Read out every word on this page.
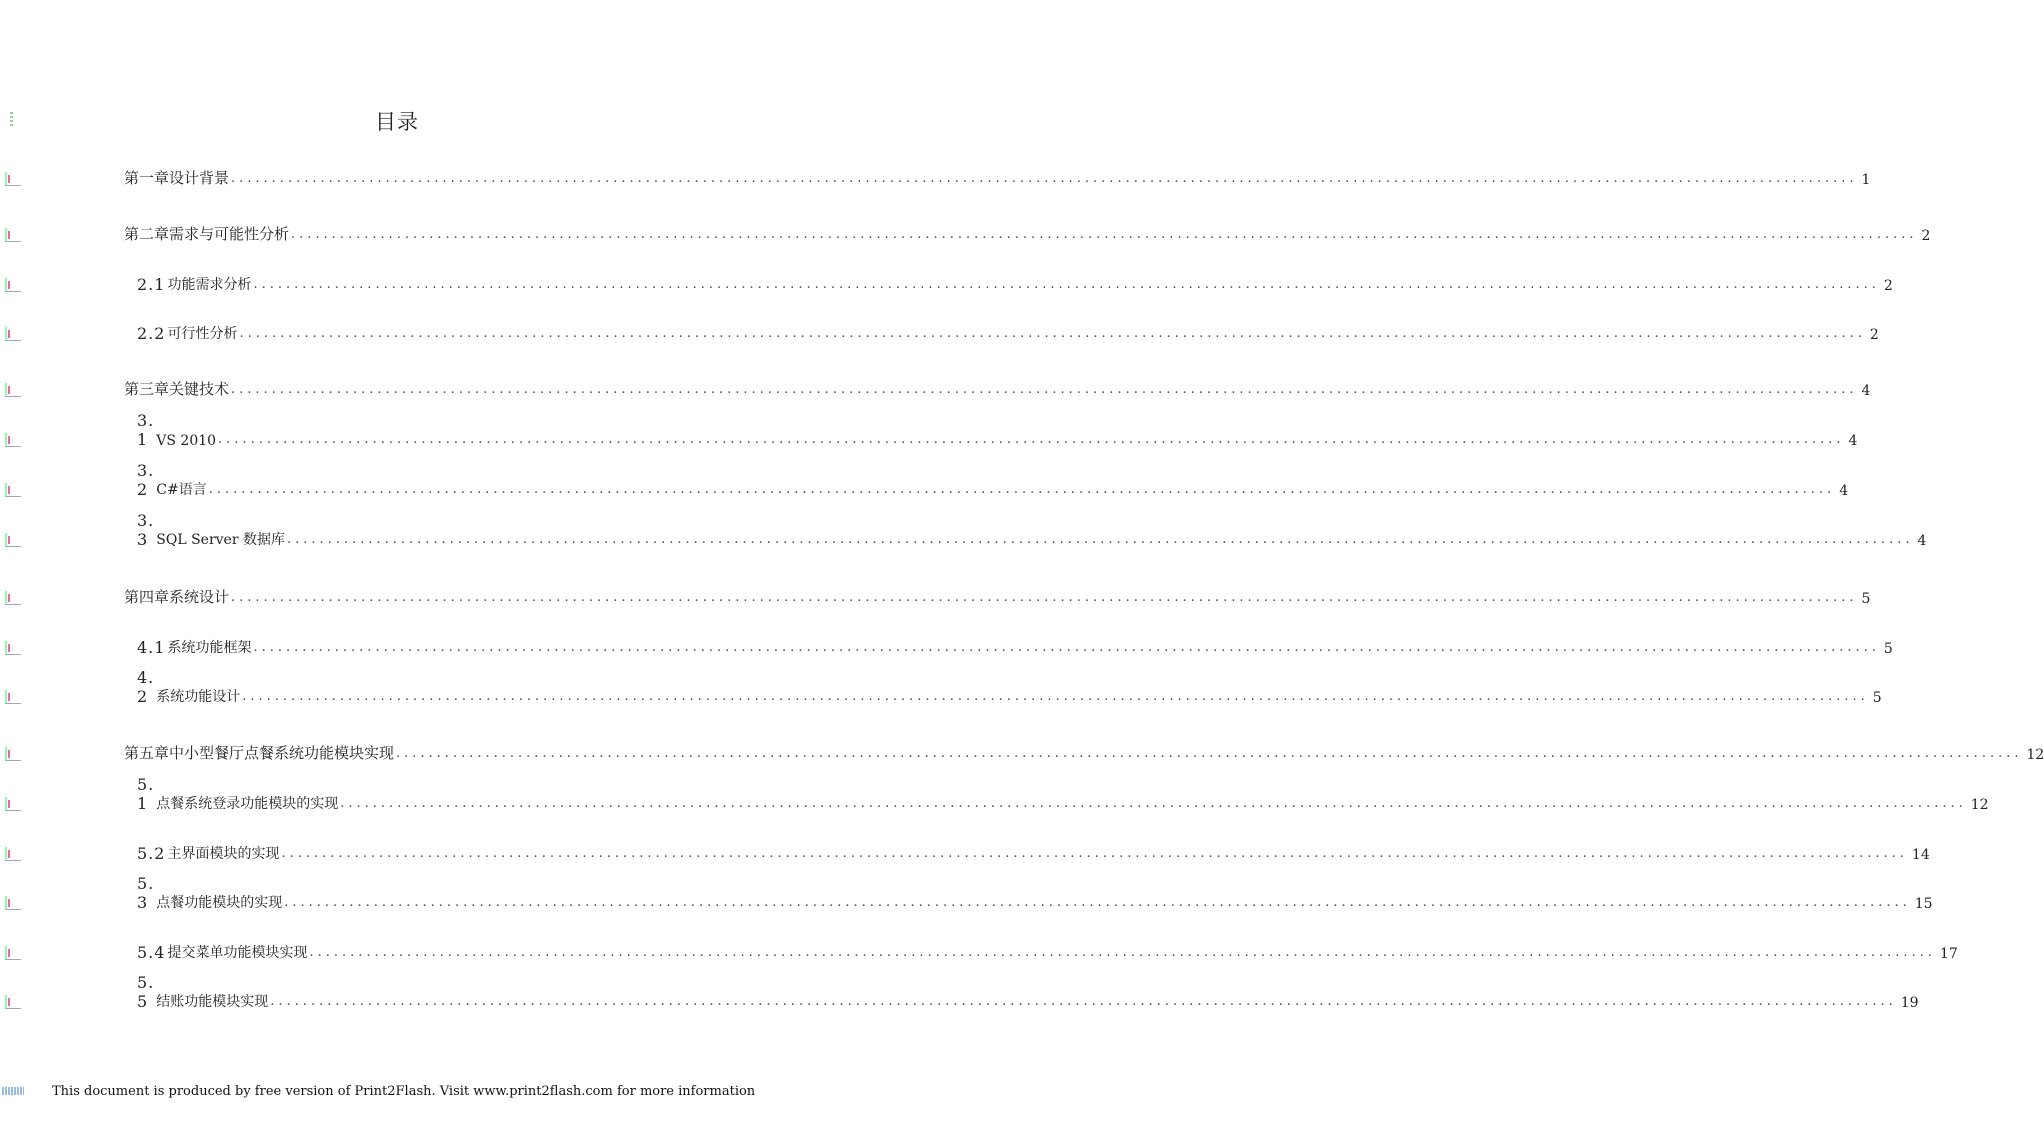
目录
第一章设计背景 ........................................................................................................................................................................................................ 1
第二章需求与可能性分析 ........................................................................................................................................................................................................ 2
2.1 功能需求分析 ........................................................................................................................................................................................................ 2
2.2 可行性分析 ........................................................................................................................................................................................................ 2
第三章关键技术 ........................................................................................................................................................................................................ 4
3. 1 VS 2010 ........................................................................................................................................................................................................ 4
3. 2 C#语言 ........................................................................................................................................................................................................ 4
3. 3 SQL Server 数据库 ........................................................................................................................................................................................................ 4
第四章系统设计 ........................................................................................................................................................................................................ 5
4.1 系统功能框架 ........................................................................................................................................................................................................ 5
4. 2 系统功能设计 ........................................................................................................................................................................................................ 5
第五章中小型餐厅点餐系统功能模块实现 ........................................................................................................................................................................................................ 12
5. 1 点餐系统登录功能模块的实现 ........................................................................................................................................................................................................ 12
5.2 主界面模块的实现 ........................................................................................................................................................................................................ 14
5. 3 点餐功能模块的实现 ........................................................................................................................................................................................................ 15
5.4 提交菜单功能模块实现 ........................................................................................................................................................................................................ 17
5. 5 结账功能模块实现 ........................................................................................................................................................................................................ 19
This document is produced by free version of Print2Flash. Visit www.print2flash.com for more information
